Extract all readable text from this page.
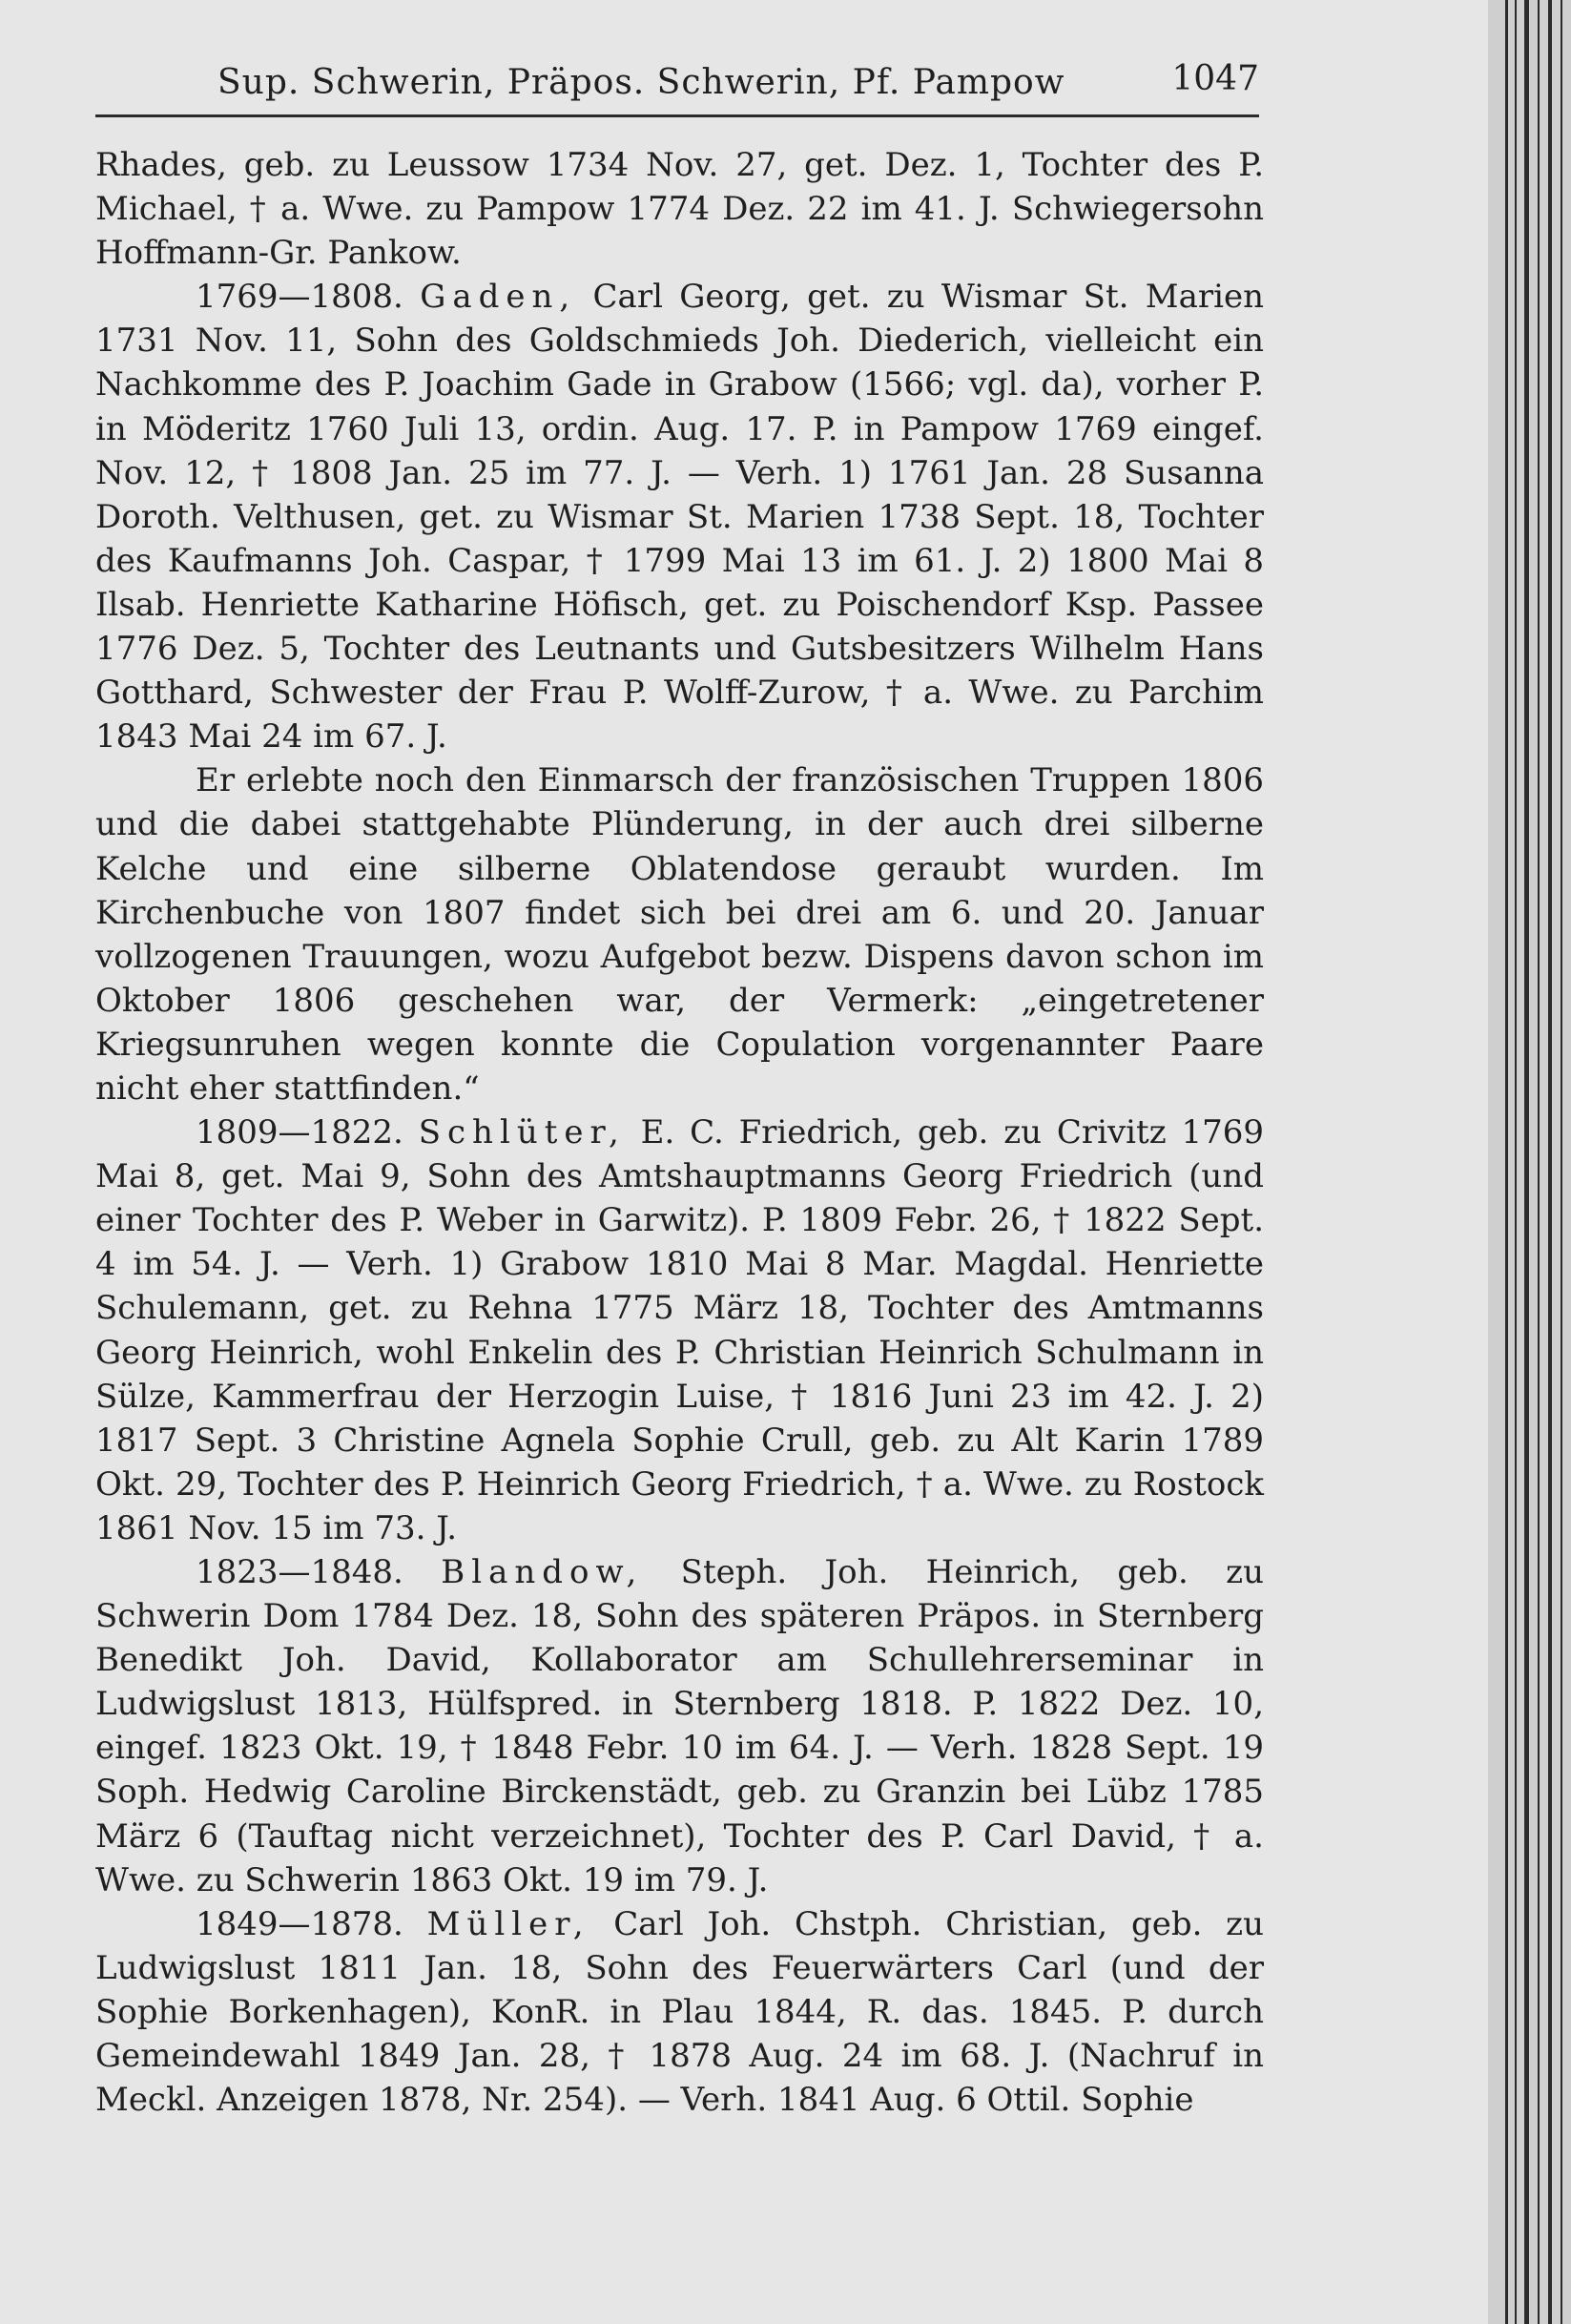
Sup. Schwerin, Präpos. Schwerin, Pf. Pampow	1047

Rhades, geb. zu Leussow 1734 Nov. 27, get. Dez. 1, Tochter des P. Michael, † a. Wwe. zu Pampow 1774 Dez. 22 im 41. J. Schwiegersohn Hoffmann-Gr. Pankow.

1769—1808. Gaden, Carl Georg, get. zu Wismar St. Marien 1731 Nov. 11, Sohn des Goldschmieds Joh. Diederich, vielleicht ein Nachkomme des P. Joachim Gade in Grabow (1566; vgl. da), vorher P. in Möderitz 1760 Juli 13, ordin. Aug. 17. P. in Pampow 1769 eingef. Nov. 12, † 1808 Jan. 25 im 77. J. — Verh. 1) 1761 Jan. 28 Susanna Doroth. Velthusen, get. zu Wismar St. Marien 1738 Sept. 18, Tochter des Kaufmanns Joh. Caspar, † 1799 Mai 13 im 61. J. 2) 1800 Mai 8 Ilsab. Henriette Katharine Höfisch, get. zu Poischendorf Ksp. Passee 1776 Dez. 5, Tochter des Leutnants und Gutsbesitzers Wilhelm Hans Gotthard, Schwester der Frau P. Wolff-Zurow, † a. Wwe. zu Parchim 1843 Mai 24 im 67. J.

Er erlebte noch den Einmarsch der französischen Truppen 1806 und die dabei stattgehabte Plünderung, in der auch drei silberne Kelche und eine silberne Oblatendose geraubt wurden. Im Kirchenbuche von 1807 findet sich bei drei am 6. und 20. Januar vollzogenen Trauungen, wozu Aufgebot bezw. Dispens davon schon im Oktober 1806 geschehen war, der Vermerk: „eingetretener Kriegsunruhen wegen konnte die Copulation vorgenannter Paare nicht eher stattfinden.“

1809—1822. Schlüter, E. C. Friedrich, geb. zu Crivitz 1769 Mai 8, get. Mai 9, Sohn des Amtshauptmanns Georg Friedrich (und einer Tochter des P. Weber in Garwitz). P. 1809 Febr. 26, † 1822 Sept. 4 im 54. J. — Verh. 1) Grabow 1810 Mai 8 Mar. Magdal. Henriette Schulemann, get. zu Rehna 1775 März 18, Tochter des Amtmanns Georg Heinrich, wohl Enkelin des P. Christian Heinrich Schulmann in Sülze, Kammerfrau der Herzogin Luise, † 1816 Juni 23 im 42. J. 2) 1817 Sept. 3 Christine Agnela Sophie Crull, geb. zu Alt Karin 1789 Okt. 29, Tochter des P. Heinrich Georg Friedrich, † a. Wwe. zu Rostock 1861 Nov. 15 im 73. J.

1823—1848. Blandow, Steph. Joh. Heinrich, geb. zu Schwerin Dom 1784 Dez. 18, Sohn des späteren Präpos. in Sternberg Benedikt Joh. David, Kollaborator am Schullehrerseminar in Ludwigslust 1813, Hülfspred. in Sternberg 1818. P. 1822 Dez. 10, eingef. 1823 Okt. 19, † 1848 Febr. 10 im 64. J. — Verh. 1828 Sept. 19 Soph. Hedwig Caroline Birckenstädt, geb. zu Granzin bei Lübz 1785 März 6 (Tauftag nicht verzeichnet), Tochter des P. Carl David, † a. Wwe. zu Schwerin 1863 Okt. 19 im 79. J.

1849—1878. Müller, Carl Joh. Chstph. Christian, geb. zu Ludwigslust 1811 Jan. 18, Sohn des Feuerwärters Carl (und der Sophie Borkenhagen), KonR. in Plau 1844, R. das. 1845. P. durch Gemeindewahl 1849 Jan. 28, † 1878 Aug. 24 im 68. J. (Nachruf in Meckl. Anzeigen 1878, Nr. 254). — Verh. 1841 Aug. 6 Ottil. Sophie
